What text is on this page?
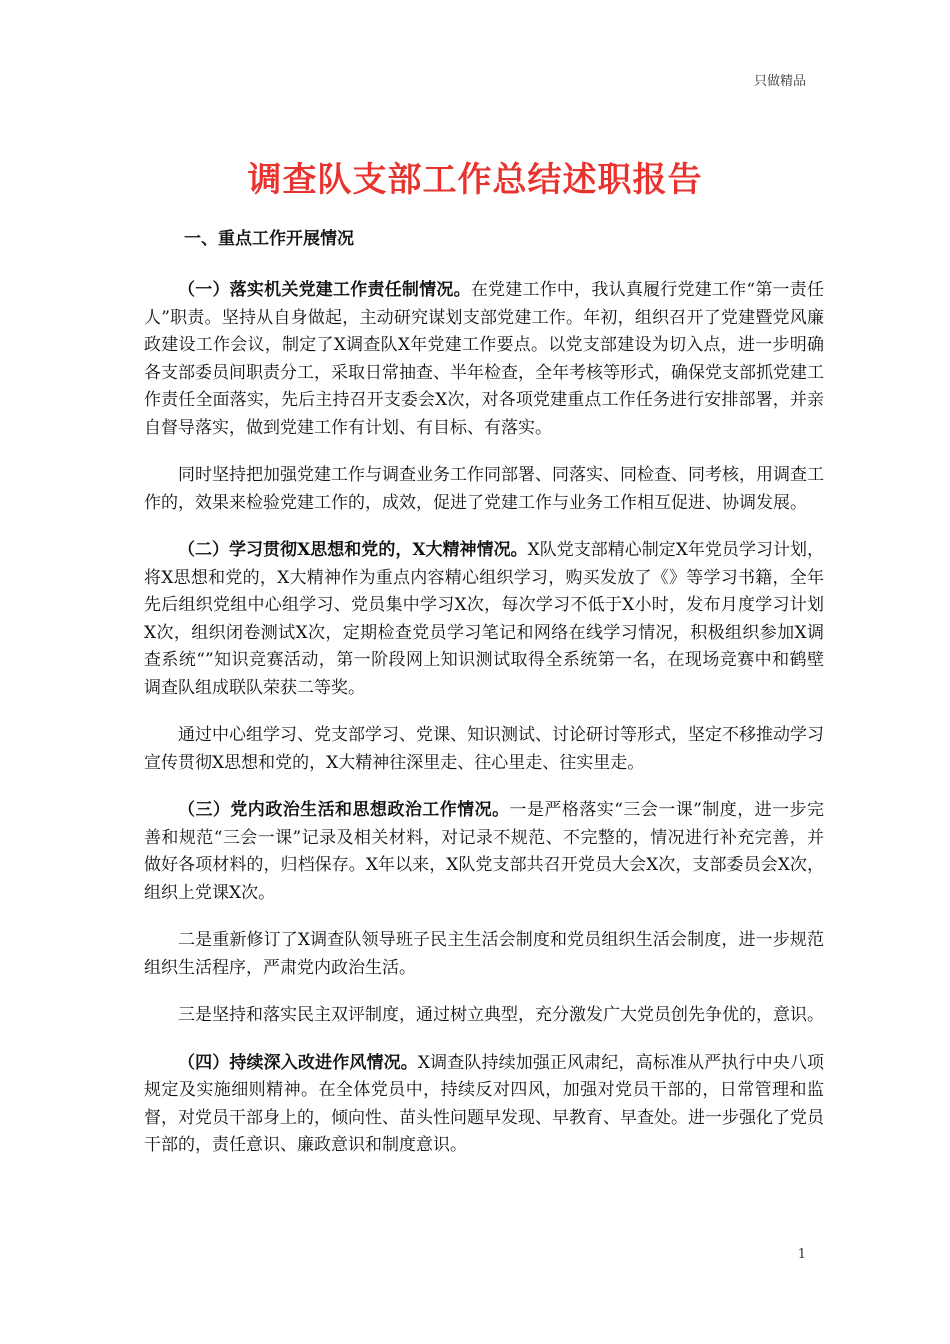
只做精品
调查队支部工作总结述职报告
一、重点工作开展情况

（一）落实机关党建工作责任制情况。在党建工作中，我认真履行党建工作“第一责任人”职责。坚持从自身做起，主动研究谋划支部党建工作。年初，组织召开了党建暨党风廉政建设工作会议，制定了X调查队X年党建工作要点。以党支部建设为切入点，进一步明确各支部委员间职责分工，采取日常抽查、半年检查，全年考核等形式，确保党支部抓党建工作责任全面落实，先后主持召开支委会X次，对各项党建重点工作任务进行安排部署，并亲自督导落实，做到党建工作有计划、有目标、有落实。

同时坚持把加强党建工作与调查业务工作同部署、同落实、同检查、同考核，用调查工作的，效果来检验党建工作的，成效，促进了党建工作与业务工作相互促进、协调发展。

（二）学习贯彻X思想和党的，X大精神情况。X队党支部精心制定X年党员学习计划，将X思想和党的，X大精神作为重点内容精心组织学习，购买发放了《》等学习书籍，全年先后组织党组中心组学习、党员集中学习X次，每次学习不低于X小时，发布月度学习计划X次，组织闭卷测试X次，定期检查党员学习笔记和网络在线学习情况，积极组织参加X调查系统“”知识竞赛活动，第一阶段网上知识测试取得全系统第一名，在现场竞赛中和鹤壁调查队组成联队荣获二等奖。

通过中心组学习、党支部学习、党课、知识测试、讨论研讨等形式，坚定不移推动学习宣传贯彻X思想和党的，X大精神往深里走、往心里走、往实里走。

（三）党内政治生活和思想政治工作情况。一是严格落实“三会一课”制度，进一步完善和规范“三会一课”记录及相关材料，对记录不规范、不完整的，情况进行补充完善，并做好各项材料的，归档保存。X年以来，X队党支部共召开党员大会X次，支部委员会X次，组织上党课X次。

二是重新修订了X调查队领导班子民主生活会制度和党员组织生活会制度，进一步规范组织生活程序，严肃党内政治生活。

三是坚持和落实民主双评制度，通过树立典型，充分激发广大党员创先争优的，意识。

（四）持续深入改进作风情况。X调查队持续加强正风肃纪，高标准从严执行中央八项规定及实施细则精神。在全体党员中，持续反对四风，加强对党员干部的，日常管理和监督，对党员干部身上的，倾向性、苗头性问题早发现、早教育、早查处。进一步强化了党员干部的，责任意识、廉政意识和制度意识。

1
